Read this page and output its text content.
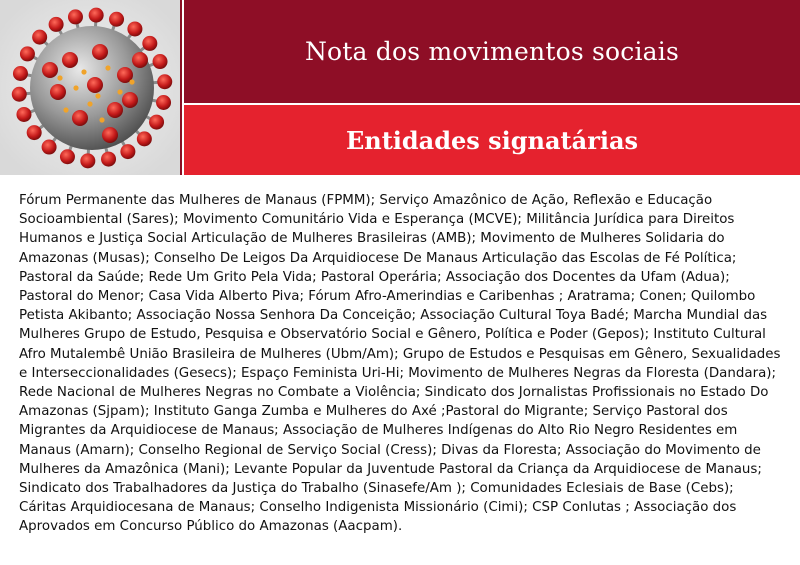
Nota dos movimentos sociais
Entidades signatárias

Fórum Permanente das Mulheres de Manaus (FPMM); Serviço Amazônico de Ação, Reflexão e Educação Socioambiental (Sares); Movimento Comunitário Vida e Esperança (MCVE); Militância Jurídica para Direitos Humanos e Justiça Social Articulação de Mulheres Brasileiras (AMB); Movimento de Mulheres Solidaria do Amazonas (Musas); Conselho De Leigos Da Arquidiocese De Manaus Articulação das Escolas de Fé Política; Pastoral da Saúde; Rede Um Grito Pela Vida; Pastoral Operária; Associação dos Docentes da Ufam (Adua); Pastoral do Menor; Casa Vida Alberto Piva; Fórum Afro-Amerindias e Caribenhas ; Aratrama; Conen; Quilombo Petista Akibanto; Associação Nossa Senhora Da Conceição; Associação Cultural Toya Badé; Marcha Mundial das Mulheres Grupo de Estudo, Pesquisa e Observatório Social e Gênero, Política e Poder (Gepos); Instituto Cultural Afro Mutalembê União Brasileira de Mulheres (Ubm/Am); Grupo de Estudos e Pesquisas em Gênero, Sexualidades e Interseccionalidades (Gesecs); Espaço Feminista Uri-Hi; Movimento de Mulheres Negras da Floresta (Dandara); Rede Nacional de Mulheres Negras no Combate a Violência; Sindicato dos Jornalistas Profissionais no Estado Do Amazonas (Sjpam); Instituto Ganga Zumba e Mulheres do Axé ;Pastoral do Migrante; Serviço Pastoral dos Migrantes da Arquidiocese de Manaus; Associação de Mulheres Indígenas do Alto Rio Negro Residentes em Manaus (Amarn); Conselho Regional de Serviço Social (Cress); Divas da Floresta; Associação do Movimento de Mulheres da Amazônica (Mani); Levante Popular da Juventude Pastoral da Criança da Arquidiocese de Manaus; Sindicato dos Trabalhadores da Justiça do Trabalho (Sinasefe/Am ); Comunidades Eclesiais de Base (Cebs); Cáritas Arquidiocesana de Manaus; Conselho Indigenista Missionário (Cimi); CSP Conlutas ; Associação dos Aprovados em Concurso Público do Amazonas (Aacpam).
